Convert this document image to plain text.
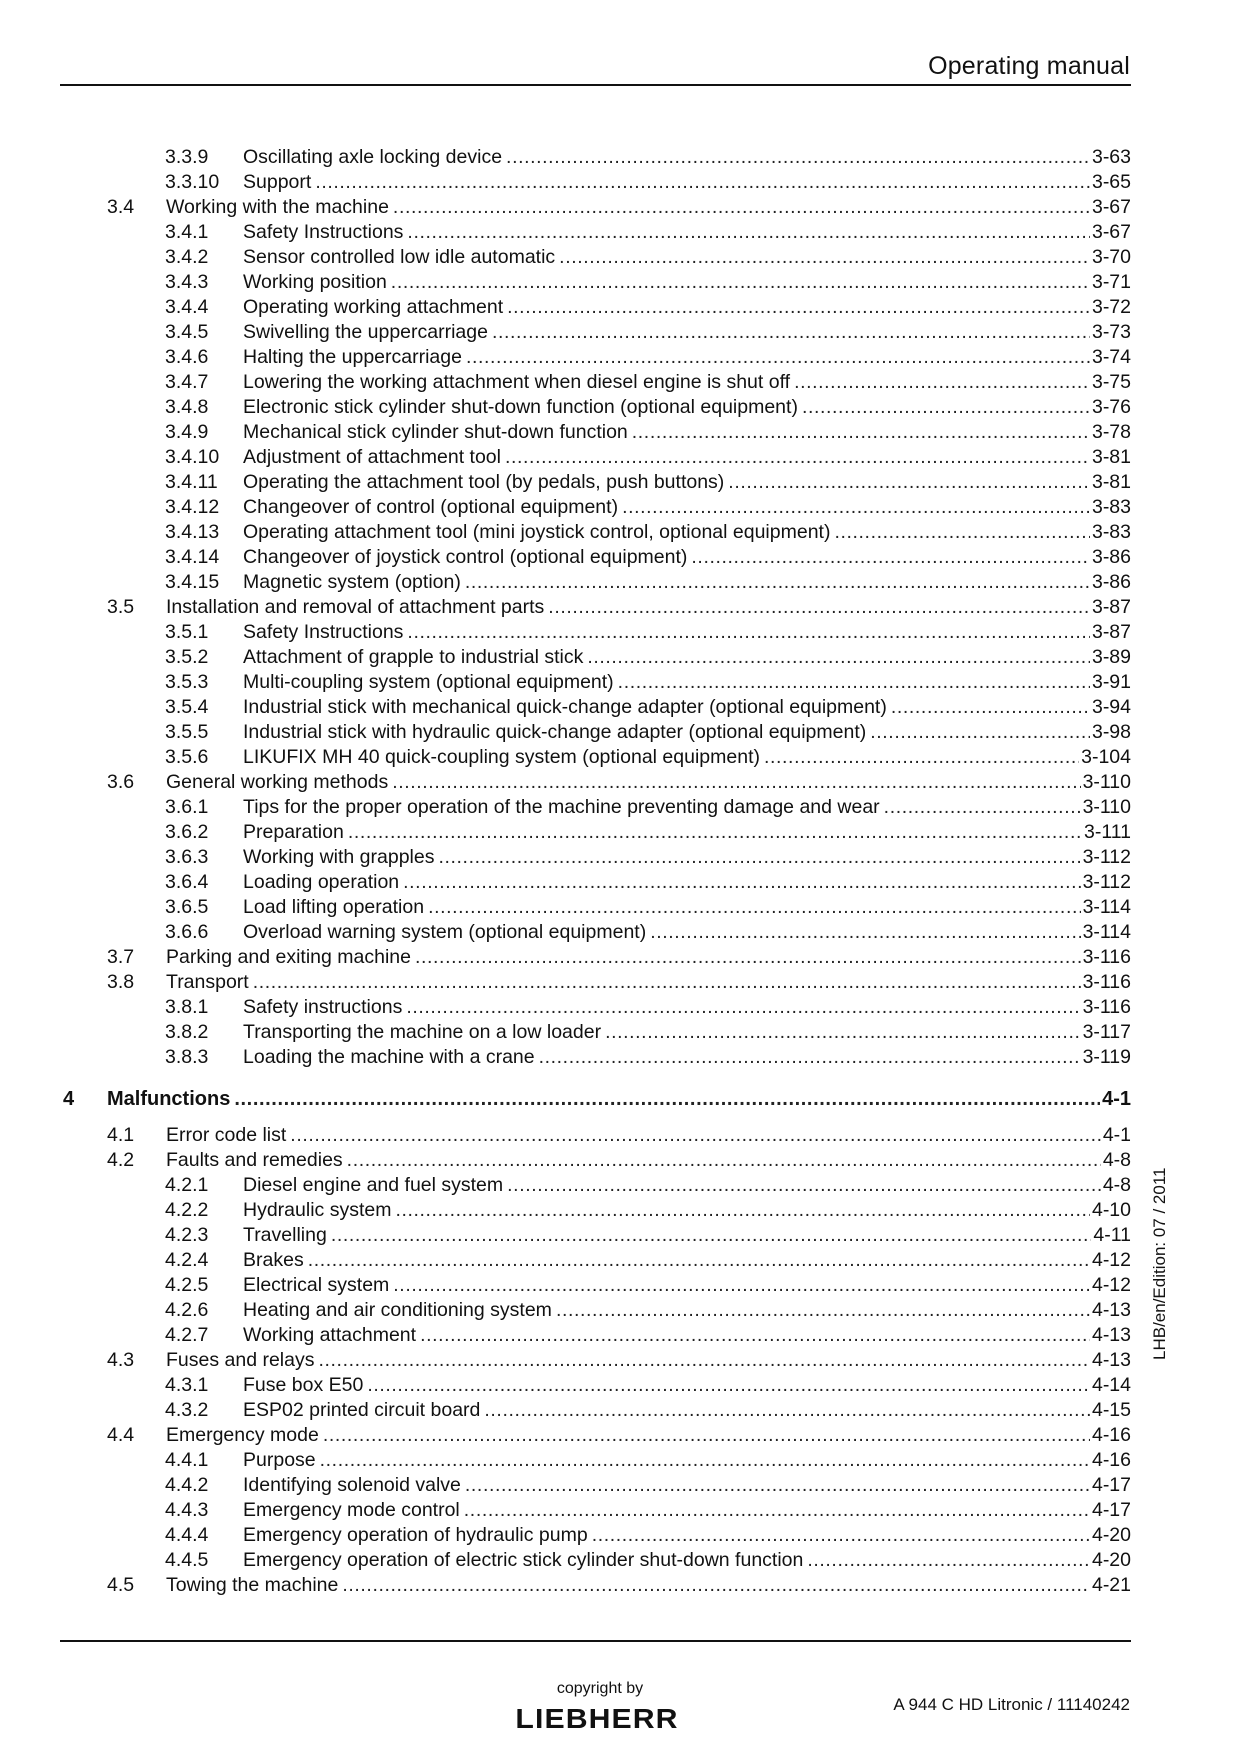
Operating manual
3.3.9 Oscillating axle locking device .....	3-63
3.3.10 Support .....	3-65
3.4 Working with the machine .....	3-67
3.4.1 Safety Instructions .....	3-67
3.4.2 Sensor controlled low idle automatic .....	3-70
3.4.3 Working position .....	3-71
3.4.4 Operating working attachment .....	3-72
3.4.5 Swivelling the uppercarriage .....	3-73
3.4.6 Halting the uppercarriage .....	3-74
3.4.7 Lowering the working attachment when diesel engine is shut off .....	3-75
3.4.8 Electronic stick cylinder shut-down function (optional equipment) .....	3-76
3.4.9 Mechanical stick cylinder shut-down function .....	3-78
3.4.10 Adjustment of attachment tool .....	3-81
3.4.11 Operating the attachment tool (by pedals, push buttons) .....	3-81
3.4.12 Changeover of control (optional equipment) .....	3-83
3.4.13 Operating attachment tool (mini joystick control, optional equipment) .....	3-83
3.4.14 Changeover of joystick control (optional equipment) .....	3-86
3.4.15 Magnetic system (option) .....	3-86
3.5 Installation and removal of attachment parts .....	3-87
3.5.1 Safety Instructions .....	3-87
3.5.2 Attachment of grapple to industrial stick .....	3-89
3.5.3 Multi-coupling system (optional equipment) .....	3-91
3.5.4 Industrial stick with mechanical quick-change adapter (optional equipment) .....	3-94
3.5.5 Industrial stick with hydraulic quick-change adapter (optional equipment) .....	3-98
3.5.6 LIKUFIX MH 40 quick-coupling system (optional equipment) .....	3-104
3.6 General working methods .....	3-110
3.6.1 Tips for the proper operation of the machine preventing damage and wear .....	3-110
3.6.2 Preparation .....	3-111
3.6.3 Working with grapples .....	3-112
3.6.4 Loading operation .....	3-112
3.6.5 Load lifting operation .....	3-114
3.6.6 Overload warning system (optional equipment) .....	3-114
3.7 Parking and exiting machine .....	3-116
3.8 Transport .....	3-116
3.8.1 Safety instructions .....	3-116
3.8.2 Transporting the machine on a low loader .....	3-117
3.8.3 Loading the machine with a crane .....	3-119
4 Malfunctions .....	4-1
4.1 Error code list .....	4-1
4.2 Faults and remedies .....	4-8
4.2.1 Diesel engine and fuel system .....	4-8
4.2.2 Hydraulic system .....	4-10
4.2.3 Travelling .....	4-11
4.2.4 Brakes .....	4-12
4.2.5 Electrical system .....	4-12
4.2.6 Heating and air conditioning system .....	4-13
4.2.7 Working attachment .....	4-13
4.3 Fuses and relays .....	4-13
4.3.1 Fuse box E50 .....	4-14
4.3.2 ESP02 printed circuit board .....	4-15
4.4 Emergency mode .....	4-16
4.4.1 Purpose .....	4-16
4.4.2 Identifying solenoid valve .....	4-17
4.4.3 Emergency mode control .....	4-17
4.4.4 Emergency operation of hydraulic pump .....	4-20
4.4.5 Emergency operation of electric stick cylinder shut-down function .....	4-20
4.5 Towing the machine .....	4-21
LHB/en/Edition: 07 / 2011
copyright by
LIEBHERR	A 944 C HD Litronic / 11140242
